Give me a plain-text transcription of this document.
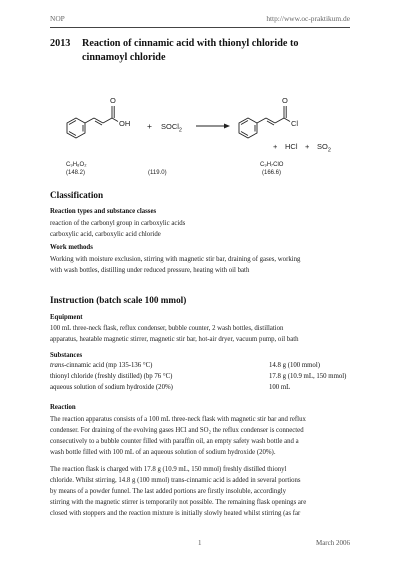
NOP	http://www.oc-praktikum.de
2013 Reaction of cinnamic acid with thionyl chloride to
cinnamoyl chloride
O
OH + SOCl$_2$
O
Cl
+ HCl + $SO_2$
C₉H₈O₂
(148.2)	(119.0)
C₉H₇ClO
(166.6)
Classification
Reaction types and substance classes
reaction of the carbonyl group in carboxylic acids
carboxylic acid, carboxylic acid chloride
Work methods
Working with moisture exclusion, stirring with magnetic stir bar, draining of gases, working
with wash bottles, distilling under reduced pressure, heating with oil bath
Instruction (batch scale 100 mmol)
Equipment
100 mL three-neck flask, reflux condenser, bubble counter, 2 wash bottles, distillation
apparatus, heatable magnetic stirrer, magnetic stir bar, hot-air dryer, vacuum pump, oil bath
Substances
trans-cinnamic acid (mp 135-136 °C)	14.8 g (100 mmol)
thionyl chloride (freshly distilled) (bp 76 °C)	17.8 g (10.9 mL, 150 mmol)
aqueous solution of sodium hydroxide (20%)	100 mL
Reaction
The reaction apparatus consists of a 100 mL three-neck flask with magnetic stir bar and reflux
condenser. For draining of the evolving gases HCl and SO₂ the reflux condenser is connected
consecutively to a bubble counter filled with paraffin oil, an empty safety wash bottle and a
wash bottle filled with 100 mL of an aqueous solution of sodium hydroxide (20%).
The reaction flask is charged with 17.8 g (10.9 mL, 150 mmol) freshly distilled thionyl
chloride. Whilst stirring, 14.8 g (100 mmol) trans-cinnamic acid is added in several portions
by means of a powder funnel. The last added portions are firstly insoluble, accordingly
stirring with the magnetic stirrer is temporarily not possible. The remaining flask openings are
closed with stoppers and the reaction mixture is initially slowly heated whilst stirring (as far
1	March 2006
